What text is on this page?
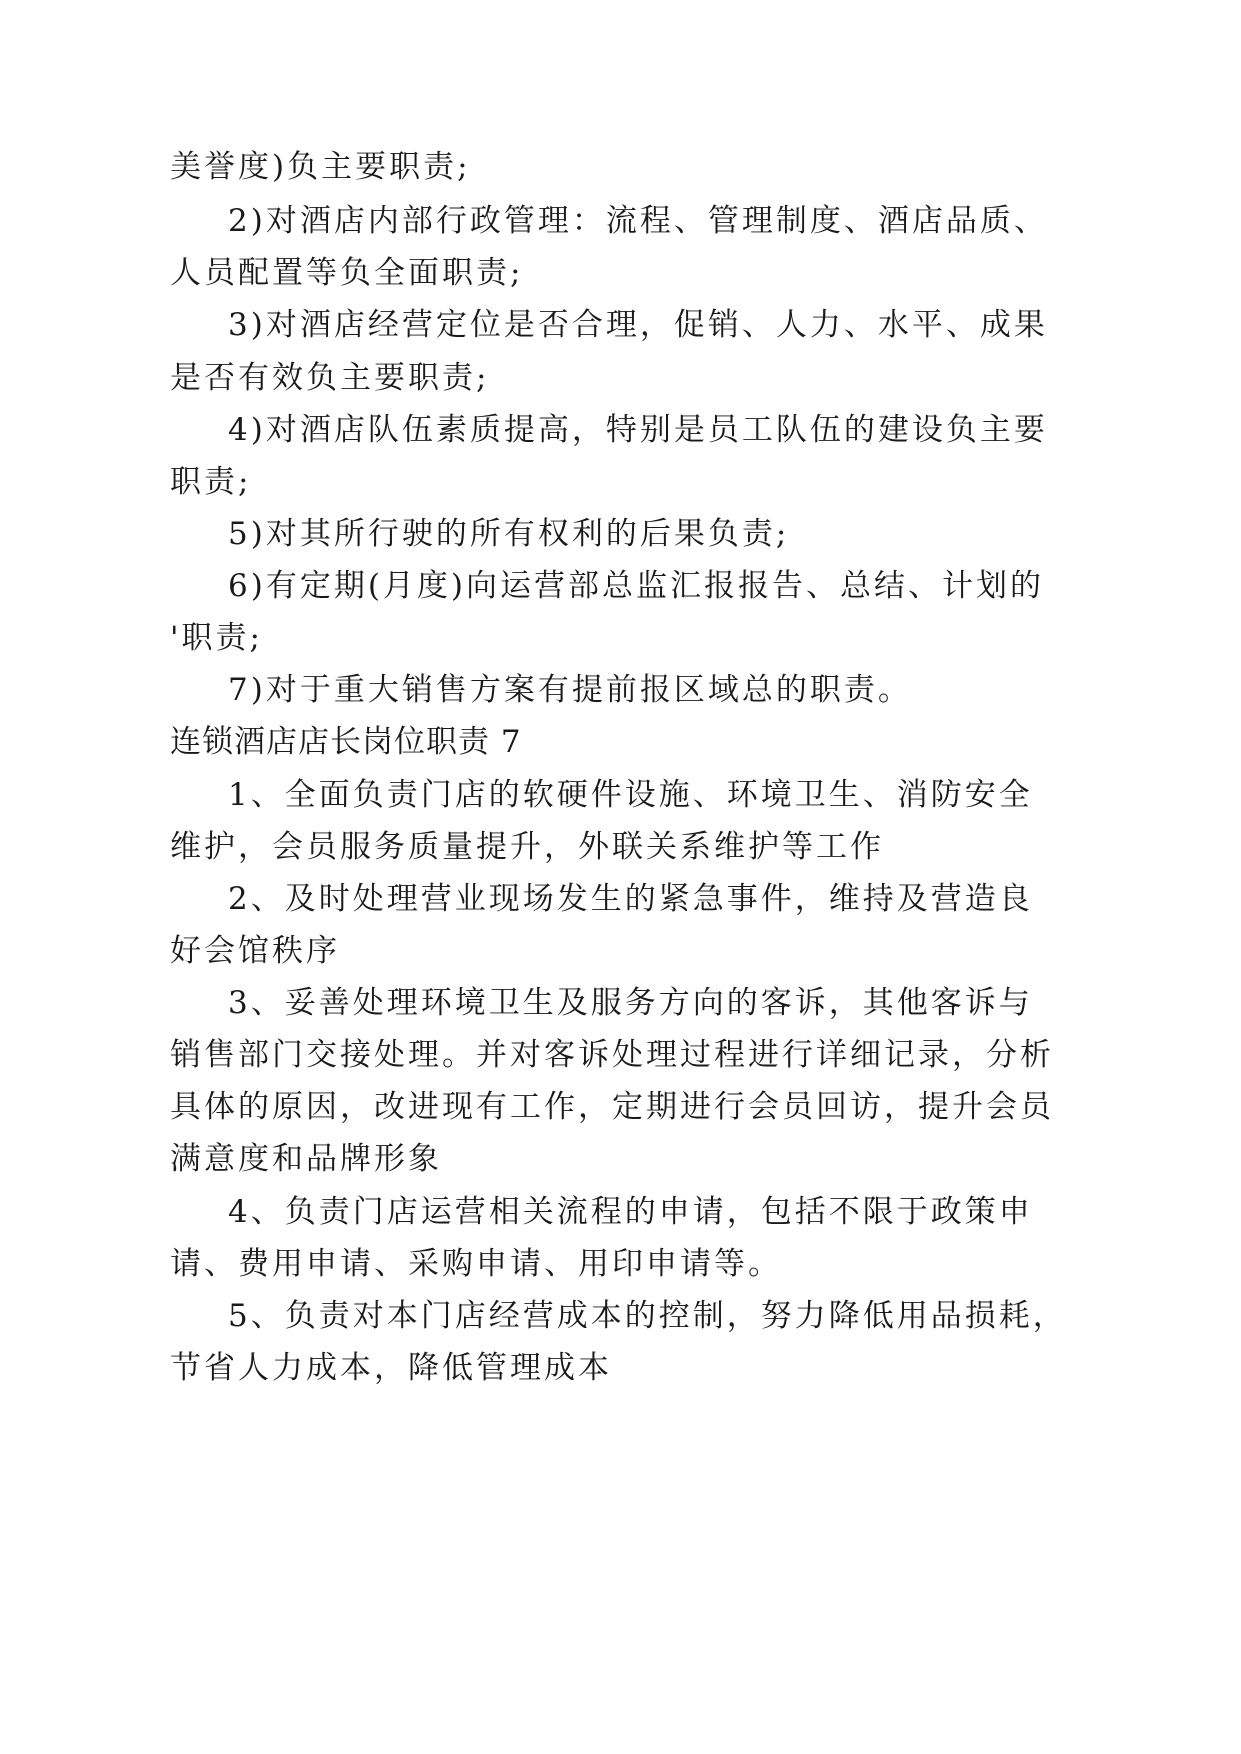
美誉度)负主要职责;
2)对酒店内部行政管理：流程、管理制度、酒店品质、
人员配置等负全面职责;
3)对酒店经营定位是否合理，促销、人力、水平、成果
是否有效负主要职责;
4)对酒店队伍素质提高，特别是员工队伍的建设负主要
职责;
5)对其所行驶的所有权利的后果负责;
6)有定期(月度)向运营部总监汇报报告、总结、计划的
'职责;
7)对于重大销售方案有提前报区域总的职责。
连锁酒店店长岗位职责 7
1、全面负责门店的软硬件设施、环境卫生、消防安全
维护，会员服务质量提升，外联关系维护等工作
2、及时处理营业现场发生的紧急事件，维持及营造良
好会馆秩序
3、妥善处理环境卫生及服务方向的客诉，其他客诉与
销售部门交接处理。并对客诉处理过程进行详细记录，分析
具体的原因，改进现有工作，定期进行会员回访，提升会员
满意度和品牌形象
4、负责门店运营相关流程的申请，包括不限于政策申
请、费用申请、采购申请、用印申请等。
5、负责对本门店经营成本的控制，努力降低用品损耗，
节省人力成本，降低管理成本
